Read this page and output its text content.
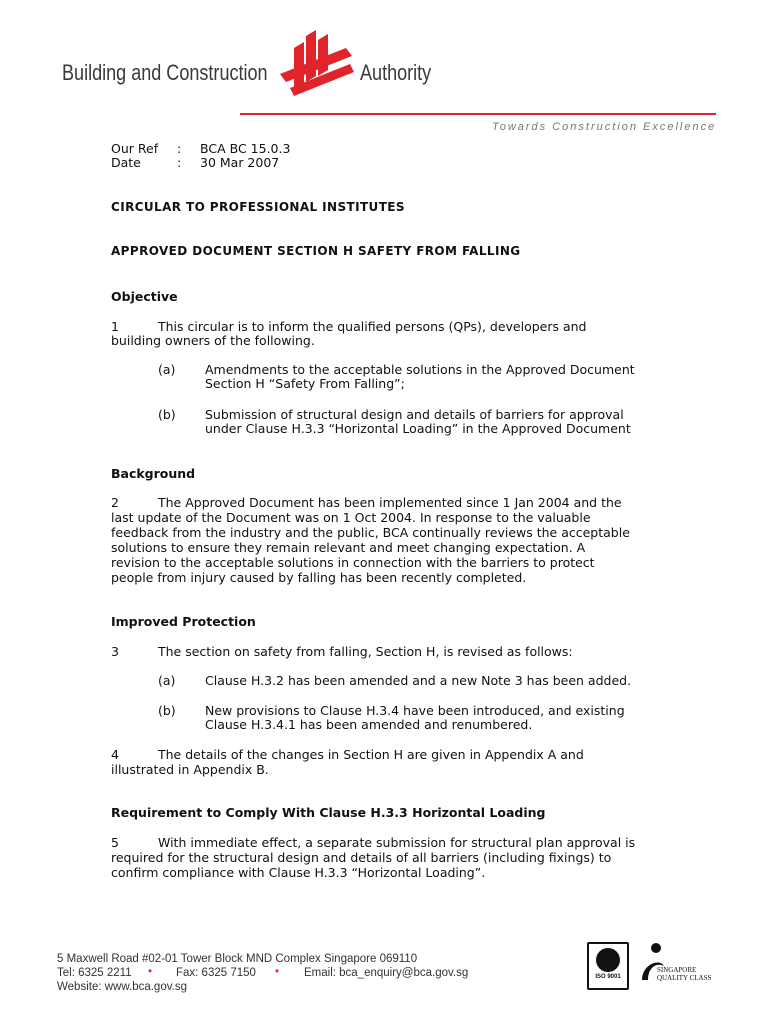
Building and Construction	Authority
Towards Construction Excellence
Our Ref : BCA BC 15.0.3
Date	: 30 Mar 2007
CIRCULAR TO PROFESSIONAL INSTITUTES
APPROVED DOCUMENT SECTION H SAFETY FROM FALLING
Objective
1	This circular is to inform the qualified persons (QPs), developers and
building owners of the following.
(a) Amendments to the acceptable solutions in the Approved Document
Section H “Safety From Falling”;
(b) Submission of structural design and details of barriers for approval
under Clause H.3.3 “Horizontal Loading” in the Approved Document
Background
2	The Approved Document has been implemented since 1 Jan 2004 and the
last update of the Document was on 1 Oct 2004. In response to the valuable
feedback from the industry and the public, BCA continually reviews the acceptable
solutions to ensure they remain relevant and meet changing expectation. A
revision to the acceptable solutions in connection with the barriers to protect
people from injury caused by falling has been recently completed.
Improved Protection
3	The section on safety from falling, Section H, is revised as follows:
(a) Clause H.3.2 has been amended and a new Note 3 has been added.
(b) New provisions to Clause H.3.4 have been introduced, and existing
Clause H.3.4.1 has been amended and renumbered.
4	The details of the changes in Section H are given in Appendix A and
illustrated in Appendix B.
Requirement to Comply With Clause H.3.3 Horizontal Loading
5	With immediate effect, a separate submission for structural plan approval is
required for the structural design and details of all barriers (including fixings) to
confirm compliance with Clause H.3.3 “Horizontal Loading”.
5 Maxwell Road #02-01 Tower Block MND Complex Singapore 069110
Tel: 6325 2211 • Fax: 6325 7150 • Email: bca_enquiry@bca.gov.sg
Website: www.bca.gov.sg
ISO 9001
SINGAPORE
QUALITY CLASS
